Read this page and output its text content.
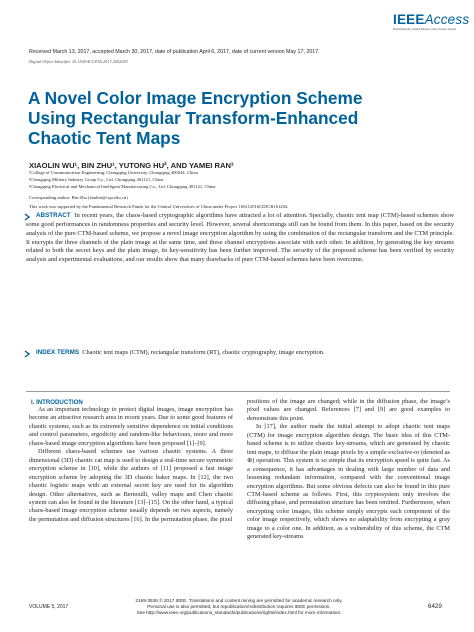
IEEEAccess
Multidisciplinary | Rapid Review | Open Access Journal
Received March 13, 2017, accepted March 30, 2017, date of publication April 6, 2017, date of current version May 17, 2017.
Digital Object Identifier 10.1109/ACCESS.2017.2692043
A Novel Color Image Encryption Scheme
Using Rectangular Transform-Enhanced
Chaotic Tent Maps
XIAOLIN WU¹, BIN ZHU¹, YUTONG HU², AND YAMEI RAN³
¹College of Communication Engineering, Chongqing University, Chongqing 400044, China
²Chongqing Military Industry Group Co., Ltd, Chongqing 401121, China
³Chongqing Electrical and Mechanical Intelligent Manufacturing Co., Ltd, Chongqing 401121, China
Corresponding author: Bin Zhu (zhubin@cqu.edu.cn)
This work was supported by the Fundamental Research Funds for the Central Universities of China under Project 106112016CDJCR161204.
ABSTRACT In recent years, the chaos-based cryptographic algorithms have attracted a lot of attention. Specially, chaotic tent map (CTM)-based schemes show some good performances in randomness properties and security level. However, several shortcomings still can be found from them. In this paper, based on the security analysis of the pure CTM-based scheme, we propose a novel image encryption algorithm by using the combination of the rectangular transform and the CTM principle. It encrypts the three channels of the plain image at the same time, and these channel encryptions associate with each other. In addition, by generating the key streams related to both the secret keys and the plain image, its key-sensitivity has been further improved. The security of the proposed scheme has been verified by security analysis and experimental evaluations, and our results show that many drawbacks of pure CTM-based schemes have been overcome.
INDEX TERMS Chaotic tent maps (CTM), rectangular transform (RT), chaotic cryptography, image encryption.
I. INTRODUCTION

As an important technology to protect digital images, image encryption has become an attractive research area in recent years. Due to some good features of chaotic systems, such as its extremely sensitive dependence on initial conditions and control parameters, ergodicity and random-like behaviours, more and more chaos-based image encryption algorithms have been proposed [1]–[9].

Different chaos-based schemes use various chaotic systems. A three dimensional (3D) chaotic cat map is used to design a real-time secure symmetric encryption scheme in [10], while the authors of [11] proposed a fast image encryption scheme by adopting the 3D chaotic baker maps. In [12], the two chaotic logistic maps with an external secret key are used for its algorithm design. Other alternatives, such as Bernoulli, valley maps and Chen chaotic system can also be found in the literature [13]–[15]. On the other hand, a typical chaos-based image encryption scheme usually depends on two aspects, namely the permutation and diffusion structures [16]. In the permutation phase, the pixel

positions of the image are changed; while in the diffusion phase, the image’s pixel values are changed. References [7] and [9] are good examples to demonstrate this point.

In [17], the author made the initial attempt to adopt chaotic tent maps (CTM) for image encryption algorithm design. The basic idea of this CTM-based scheme is to utilize chaotic key-streams, which are generated by chaotic tent maps, to diffuse the plain image pixels by a simple exclusive-or (denoted as ⊕) operation. This system is so simple that its encryption speed is quite fast. As a consequence, it has advantages in dealing with large number of data and lessening redundant information, compared with the conventional image encryption algorithms. But some obvious defects can also be found in this pure CTM-based scheme as follows. First, this cryptosystem only involves the diffusing phase, and permutation structure has been omitted. Furthermore, when encrypting color images, this scheme simply encrypts each component of the color image respectively, which shows no adaptability from encrypting a gray image to a color one. In addition, as a vulnerability of this scheme, the CTM generated key-streams

VOLUME 5, 2017
2169-3536 © 2017 IEEE. Translations and content mining are permitted for academic research only.
Personal use is also permitted, but republication/redistribution requires IEEE permission.
See http://www.ieee.org/publications_standards/publications/rights/index.html for more information.
6429
